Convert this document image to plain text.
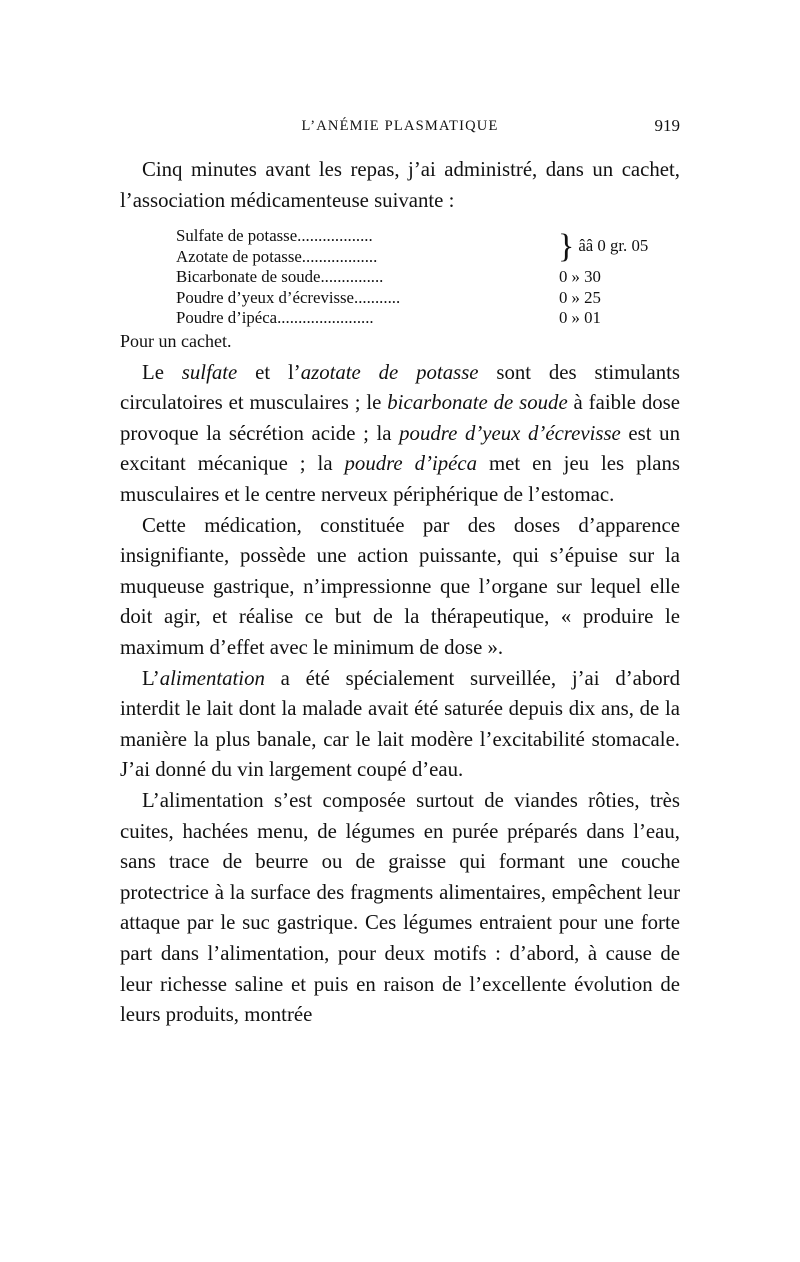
L’ANÉMIE PLASMATIQUE	919

Cinq minutes avant les repas, j’ai administré, dans un cachet, l’association médicamenteuse suivante :

Sulfate de potasse..................
Azotate de potasse..................	} ââ 0 gr. 05
Bicarbonate de soude...............	0 » 30
Poudre d’yeux d’écrevisse...........	0 » 25
Poudre d’ipéca.......................	0 » 01
Pour un cachet.

Le sulfate et l’azotate de potasse sont des stimulants circulatoires et musculaires ; le bicarbonate de soude à faible dose provoque la sécrétion acide ; la poudre d’yeux d’écrevisse est un excitant mécanique ; la poudre d’ipéca met en jeu les plans musculaires et le centre nerveux périphérique de l’estomac.

Cette médication, constituée par des doses d’apparence insignifiante, possède une action puissante, qui s’épuise sur la muqueuse gastrique, n’impressionne que l’organe sur lequel elle doit agir, et réalise ce but de la thérapeutique, « produire le maximum d’effet avec le minimum de dose ».

L’alimentation a été spécialement surveillée, j’ai d’abord interdit le lait dont la malade avait été saturée depuis dix ans, de la manière la plus banale, car le lait modère l’excitabilité stomacale. J’ai donné du vin largement coupé d’eau.

L’alimentation s’est composée surtout de viandes rôties, très cuites, hachées menu, de légumes en purée préparés dans l’eau, sans trace de beurre ou de graisse qui formant une couche protectrice à la surface des fragments alimentaires, empêchent leur attaque par le suc gastrique. Ces légumes entraient pour une forte part dans l’alimentation, pour deux motifs : d’abord, à cause de leur richesse saline et puis en raison de l’excellente évolution de leurs produits, montrée
